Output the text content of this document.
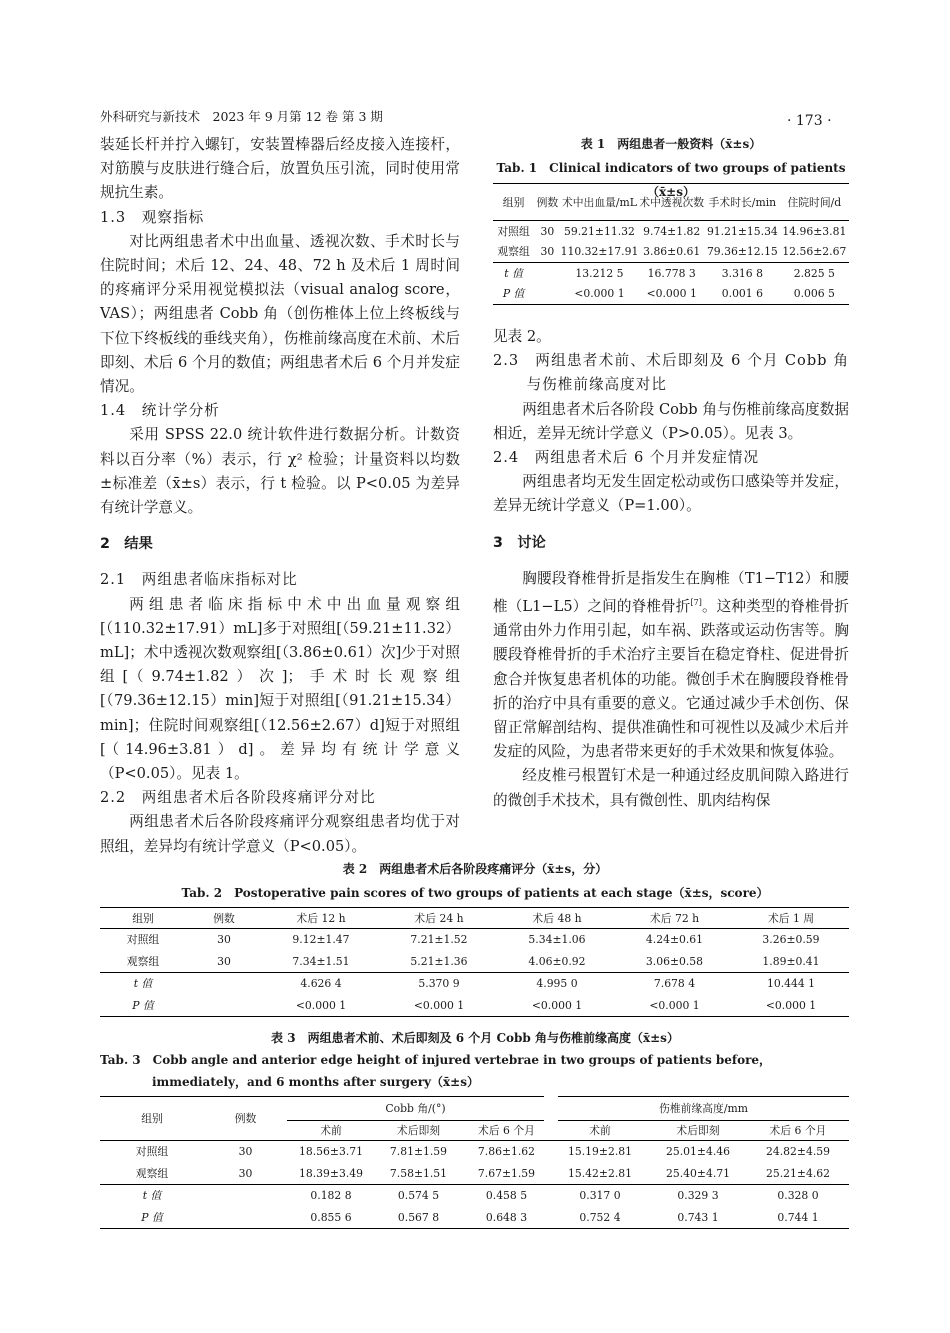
外科研究与新技术　2023 年 9 月第 12 卷 第 3 期	· 173 ·

装延长杆并拧入螺钉，安装置棒器后经皮接入连接杆，对筋膜与皮肤进行缝合后，放置负压引流，同时使用常规抗生素。

1.3　观察指标

对比两组患者术中出血量、透视次数、手术时长与住院时间；术后 12、24、48、72 h 及术后 1 周时间的疼痛评分采用视觉模拟法（visual analog score，VAS）；两组患者 Cobb 角（创伤椎体上位上终板线与下位下终板线的垂线夹角），伤椎前缘高度在术前、术后即刻、术后 6 个月的数值；两组患者术后 6 个月并发症情况。

1.4　统计学分析

采用 SPSS 22.0 统计软件进行数据分析。计数资料以百分率（%）表示，行 χ² 检验；计量资料以均数±标准差（x̄±s）表示，行 t 检验。以 P<0.05 为差异有统计学意义。

2　结果

2.1　两组患者临床指标对比

两组患者临床指标中术中出血量观察组[（110.32±17.91）mL]多于对照组[（59.21±11.32）mL]；术中透视次数观察组[（3.86±0.61）次]少于对照组[（9.74±1.82）次]；手术时长观察组[（79.36±12.15）min]短于对照组[（91.21±15.34）min]；住院时间观察组[（12.56±2.67）d]短于对照组[（14.96±3.81）d]。差异均有统计学意义（P<0.05）。见表 1。

2.2　两组患者术后各阶段疼痛评分对比

两组患者术后各阶段疼痛评分观察组患者均优于对照组，差异均有统计学意义（P<0.05）。

表 1　两组患者一般资料（x̄±s）
Tab. 1　Clinical indicators of two groups of patients（x̄±s）
组别	例数	术中出血量/mL	术中透视次数	手术时长/min	住院时间/d
对照组	30	59.21±11.32	9.74±1.82	91.21±15.34	14.96±3.81
观察组	30	110.32±17.91	3.86±0.61	79.36±12.15	12.56±2.67
t 值		13.212 5	16.778 3	3.316 8	2.825 5
P 值		<0.000 1	<0.000 1	0.001 6	0.006 5

见表 2。

2.3　两组患者术前、术后即刻及 6 个月 Cobb 角与伤椎前缘高度对比

两组患者术后各阶段 Cobb 角与伤椎前缘高度数据相近，差异无统计学意义（P>0.05）。见表 3。

2.4　两组患者术后 6 个月并发症情况

两组患者均无发生固定松动或伤口感染等并发症，差异无统计学意义（P=1.00）。

3　讨论

胸腰段脊椎骨折是指发生在胸椎（T1−T12）和腰椎（L1−L5）之间的脊椎骨折[7]。这种类型的脊椎骨折通常由外力作用引起，如车祸、跌落或运动伤害等。胸腰段脊椎骨折的手术治疗主要旨在稳定脊柱、促进骨折愈合并恢复患者机体的功能。微创手术在胸腰段脊椎骨折的治疗中具有重要的意义。它通过减少手术创伤、保留正常解剖结构、提供准确性和可视性以及减少术后并发症的风险，为患者带来更好的手术效果和恢复体验。

经皮椎弓根置钉术是一种通过经皮肌间隙入路进行的微创手术技术，具有微创性、肌肉结构保

表 2　两组患者术后各阶段疼痛评分（x̄±s，分）
Tab. 2　Postoperative pain scores of two groups of patients at each stage（x̄±s，score）
组别	例数	术后 12 h	术后 24 h	术后 48 h	术后 72 h	术后 1 周
对照组	30	9.12±1.47	7.21±1.52	5.34±1.06	4.24±0.61	3.26±0.59
观察组	30	7.34±1.51	5.21±1.36	4.06±0.92	3.06±0.58	1.89±0.41
t 值		4.626 4	5.370 9	4.995 0	7.678 4	10.444 1
P 值		<0.000 1	<0.000 1	<0.000 1	<0.000 1	<0.000 1
表 3　两组患者术前、术后即刻及 6 个月 Cobb 角与伤椎前缘高度（x̄±s）
Tab. 3　Cobb angle and anterior edge height of injured vertebrae in two groups of patients before，immediately，and 6 months after surgery（x̄±s）
组别	例数	Cobb 角/(°)			伤椎前缘高度/mm		
		术前	术后即刻	术后 6 个月	术前	术后即刻	术后 6 个月
对照组	30	18.56±3.71	7.81±1.59	7.86±1.62	15.19±2.81	25.01±4.46	24.82±4.59
观察组	30	18.39±3.49	7.58±1.51	7.67±1.59	15.42±2.81	25.40±4.71	25.21±4.62
t 值		0.182 8	0.574 5	0.458 5	0.317 0	0.329 3	0.328 0
P 值		0.855 6	0.567 8	0.648 3	0.752 4	0.743 1	0.744 1
